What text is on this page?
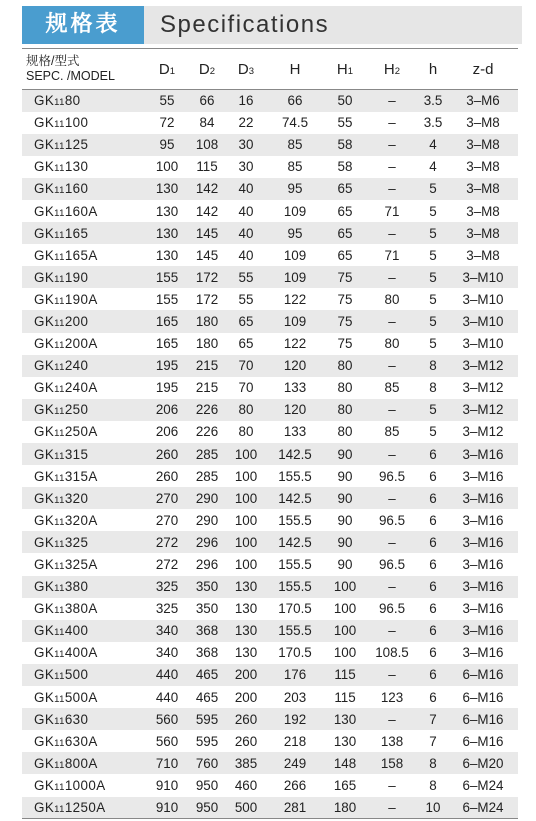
规格表	Specifications
规格/型式
SEPC. /MODEL	D1	D2	D3	H	H1	H2	h	z-d
GK1180	55	66	16	66	50	–	3.5	3–M6
GK11100	72	84	22	74.5	55	–	3.5	3–M8
GK11125	95	108	30	85	58	–	4	3–M8
GK11130	100	115	30	85	58	–	4	3–M8
GK11160	130	142	40	95	65	–	5	3–M8
GK11160A	130	142	40	109	65	71	5	3–M8
GK11165	130	145	40	95	65	–	5	3–M8
GK11165A	130	145	40	109	65	71	5	3–M8
GK11190	155	172	55	109	75	–	5	3–M10
GK11190A	155	172	55	122	75	80	5	3–M10
GK11200	165	180	65	109	75	–	5	3–M10
GK11200A	165	180	65	122	75	80	5	3–M10
GK11240	195	215	70	120	80	–	8	3–M12
GK11240A	195	215	70	133	80	85	8	3–M12
GK11250	206	226	80	120	80	–	5	3–M12
GK11250A	206	226	80	133	80	85	5	3–M12
GK11315	260	285	100	142.5	90	–	6	3–M16
GK11315A	260	285	100	155.5	90	96.5	6	3–M16
GK11320	270	290	100	142.5	90	–	6	3–M16
GK11320A	270	290	100	155.5	90	96.5	6	3–M16
GK11325	272	296	100	142.5	90	–	6	3–M16
GK11325A	272	296	100	155.5	90	96.5	6	3–M16
GK11380	325	350	130	155.5	100	–	6	3–M16
GK11380A	325	350	130	170.5	100	96.5	6	3–M16
GK11400	340	368	130	155.5	100	–	6	3–M16
GK11400A	340	368	130	170.5	100	108.5	6	3–M16
GK11500	440	465	200	176	115	–	6	6–M16
GK11500A	440	465	200	203	115	123	6	6–M16
GK11630	560	595	260	192	130	–	7	6–M16
GK11630A	560	595	260	218	130	138	7	6–M16
GK11800A	710	760	385	249	148	158	8	6–M20
GK111000A	910	950	460	266	165	–	8	6–M24
GK111250A	910	950	500	281	180	–	10	6–M24
